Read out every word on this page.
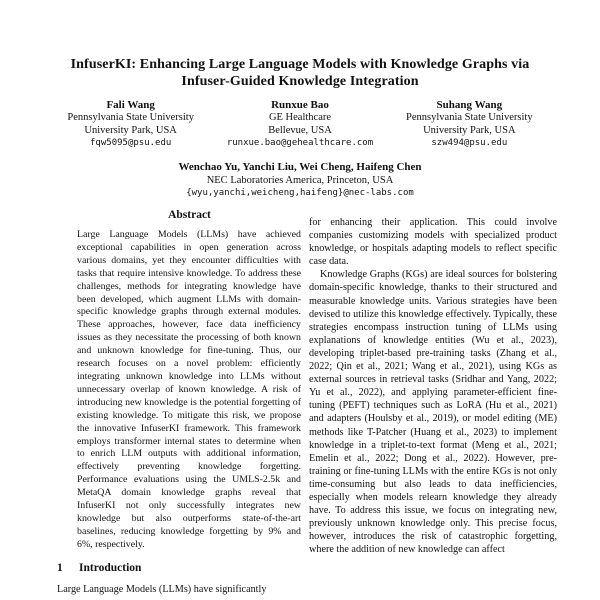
InfuserKI: Enhancing Large Language Models with Knowledge Graphs via
Infuser-Guided Knowledge Integration
Fali Wang
Pennsylvania State University
University Park, USA
fqw5095@psu.edu
Runxue Bao
GE Healthcare
Bellevue, USA
runxue.bao@gehealthcare.com
Suhang Wang
Pennsylvania State University
University Park, USA
szw494@psu.edu
Wenchao Yu, Yanchi Liu, Wei Cheng, Haifeng Chen
NEC Laboratories America, Princeton, USA
{wyu,yanchi,weicheng,haifeng}@nec-labs.com
Abstract
Large Language Models (LLMs) have achieved exceptional capabilities in open generation across various domains, yet they encounter difficulties with tasks that require intensive knowledge. To address these challenges, methods for integrating knowledge have been developed, which augment LLMs with domain-specific knowledge graphs through external modules. These approaches, however, face data inefficiency issues as they necessitate the processing of both known and unknown knowledge for fine-tuning. Thus, our research focuses on a novel problem: efficiently integrating unknown knowledge into LLMs without unnecessary overlap of known knowledge. A risk of introducing new knowledge is the potential forgetting of existing knowledge. To mitigate this risk, we propose the innovative InfuserKI framework. This framework employs transformer internal states to determine when to enrich LLM outputs with additional information, effectively preventing knowledge forgetting. Performance evaluations using the UMLS-2.5k and MetaQA domain knowledge graphs reveal that InfuserKI not only successfully integrates new knowledge but also outperforms state-of-the-art baselines, reducing knowledge forgetting by 9% and 6%, respectively.
1	Introduction

Large Language Models (LLMs) have significantly

for enhancing their application. This could involve companies customizing models with specialized product knowledge, or hospitals adapting models to reflect specific case data.

Knowledge Graphs (KGs) are ideal sources for bolstering domain-specific knowledge, thanks to their structured and measurable knowledge units. Various strategies have been devised to utilize this knowledge effectively. Typically, these strategies encompass instruction tuning of LLMs using explanations of knowledge entities (Wu et al., 2023), developing triplet-based pre-training tasks (Zhang et al., 2022; Qin et al., 2021; Wang et al., 2021), using KGs as external sources in retrieval tasks (Sridhar and Yang, 2022; Yu et al., 2022), and applying parameter-efficient fine-tuning (PEFT) techniques such as LoRA (Hu et al., 2021) and adapters (Houlsby et al., 2019), or model editing (ME) methods like T-Patcher (Huang et al., 2023) to implement knowledge in a triplet-to-text format (Meng et al., 2021; Emelin et al., 2022; Dong et al., 2022). However, pre-training or fine-tuning LLMs with the entire KGs is not only time-consuming but also leads to data inefficiencies, especially when models relearn knowledge they already have. To address this issue, we focus on integrating new, previously unknown knowledge only. This precise focus, however, introduces the risk of catastrophic forgetting, where the addition of new knowledge can affect
